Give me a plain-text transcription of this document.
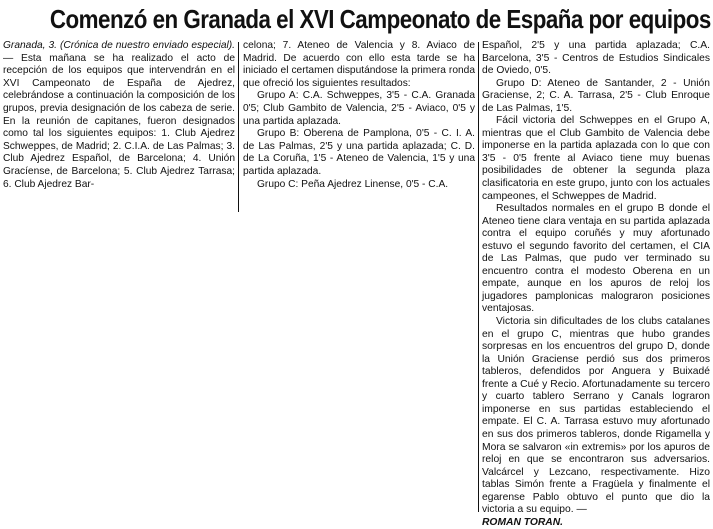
Comenzó en Granada el XVI Campeonato de España por equipos

Granada, 3. (Crónica de nuestro enviado especial). — Esta mañana se ha realizado el acto de recepción de los equipos que intervendrán en el XVI Campeonato de España de Ajedrez, celebrándose a continuación la composición de los grupos, previa designación de los cabeza de serie. En la reunión de capitanes, fueron designados como tal los siguientes equipos: 1. Club Ajedrez Schweppes, de Madrid; 2. C.I.A. de Las Palmas; 3. Club Ajedrez Español, de Barcelona; 4. Unión Gracíense, de Barcelona; 5. Club Ajedrez Tarrasa; 6. Club Ajedrez Bar-

celona; 7. Ateneo de Valencia y 8. Aviaco de Madrid. De acuerdo con ello esta tarde se ha iniciado el certamen disputándose la primera ronda que ofreció los siguientes resultados:

Grupo A: C.A. Schweppes, 3'5 - C.A. Granada 0'5; Club Gambito de Valencia, 2'5 - Aviaco, 0'5 y una partida aplazada.

Grupo B: Oberena de Pamplona, 0'5 - C. I. A. de Las Palmas, 2'5 y una partida aplazada; C. D. de La Coruña, 1'5 - Ateneo de Valencia, 1'5 y una partida aplazada.

Grupo C: Peña Ajedrez Linense, 0'5 - C.A.

Español, 2'5 y una partida aplazada; C.A. Barcelona, 3'5 - Centros de Estudios Sindicales de Oviedo, 0'5.

Grupo D: Ateneo de Santander, 2 - Unión Graciense, 2; C. A. Tarrasa, 2'5 - Club Enroque de Las Palmas, 1'5.

Fácil victoria del Schweppes en el Grupo A, mientras que el Club Gambito de Valencia debe imponerse en la partida aplazada con lo que con 3'5 - 0'5 frente al Aviaco tiene muy buenas posibilidades de obtener la segunda plaza clasificatoria en este grupo, junto con los actuales campeones, el Schweppes de Madrid.

Resultados normales en el grupo B donde el Ateneo tiene clara ventaja en su partida aplazada contra el equipo coruñés y muy afortunado estuvo el segundo favorito del certamen, el CIA de Las Palmas, que pudo ver terminado su encuentro contra el modesto Oberena en un empate, aunque en los apuros de reloj los jugadores pamplonicas malograron posiciones ventajosas.

Victoria sin dificultades de los clubs catalanes en el grupo C, mientras que hubo grandes sorpresas en los encuentros del grupo D, donde la Unión Graciense perdió sus dos primeros tableros, defendidos por Anguera y Buixadé frente a Cué y Recio. Afortunadamente su tercero y cuarto tablero Serrano y Canals lograron imponerse en sus partidas estableciendo el empate. El C. A. Tarrasa estuvo muy afortunado en sus dos primeros tableros, donde Rigamella y Mora se salvaron «in extremis» por los apuros de reloj en que se encontraron sus adversarios. Valcárcel y Lezcano, respectivamente. Hizo tablas Simón frente a Fragüela y finalmente el egarense Pablo obtuvo el punto que dio la victoria a su equipo. —
ROMAN TORAN.
